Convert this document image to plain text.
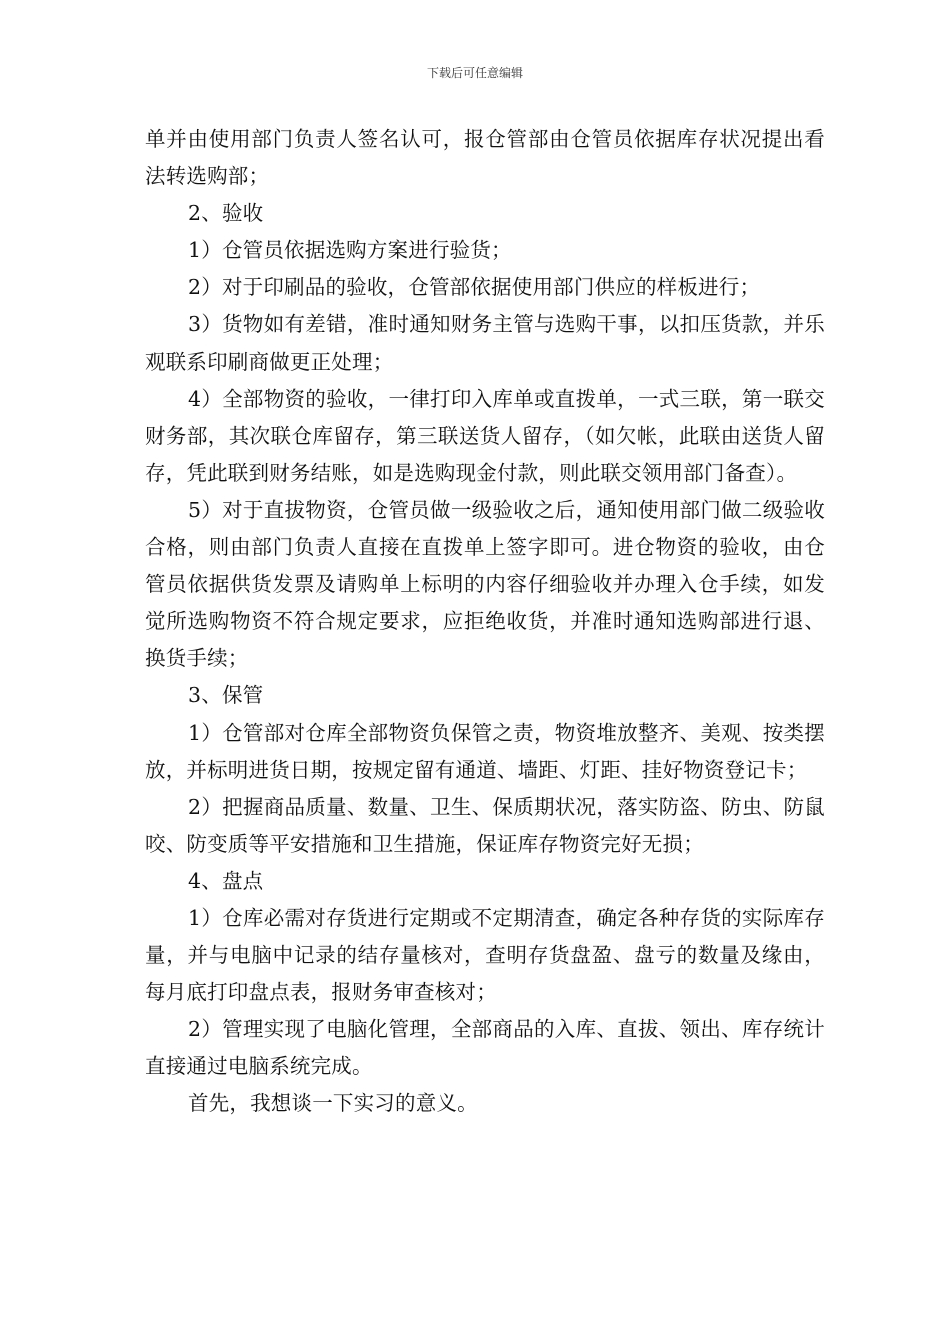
下载后可任意编辑

单并由使用部门负责人签名认可，报仓管部由仓管员依据库存状况提出看法转选购部；

2、验收

1）仓管员依据选购方案进行验货；

2）对于印刷品的验收，仓管部依据使用部门供应的样板进行；

3）货物如有差错，准时通知财务主管与选购干事，以扣压货款，并乐观联系印刷商做更正处理；

4）全部物资的验收，一律打印入库单或直拨单，一式三联，第一联交财务部，其次联仓库留存，第三联送货人留存，（如欠帐，此联由送货人留存，凭此联到财务结账，如是选购现金付款，则此联交领用部门备查）。

5）对于直拔物资，仓管员做一级验收之后，通知使用部门做二级验收合格，则由部门负责人直接在直拨单上签字即可。进仓物资的验收，由仓管员依据供货发票及请购单上标明的内容仔细验收并办理入仓手续，如发觉所选购物资不符合规定要求，应拒绝收货，并准时通知选购部进行退、换货手续；

3、保管

1）仓管部对仓库全部物资负保管之责，物资堆放整齐、美观、按类摆放，并标明进货日期，按规定留有通道、墙距、灯距、挂好物资登记卡；

2）把握商品质量、数量、卫生、保质期状况，落实防盗、防虫、防鼠咬、防变质等平安措施和卫生措施，保证库存物资完好无损；

4、盘点

1）仓库必需对存货进行定期或不定期清查，确定各种存货的实际库存量，并与电脑中记录的结存量核对，查明存货盘盈、盘亏的数量及缘由，每月底打印盘点表，报财务审查核对；

2）管理实现了电脑化管理，全部商品的入库、直拔、领出、库存统计直接通过电脑系统完成。

首先，我想谈一下实习的意义。
